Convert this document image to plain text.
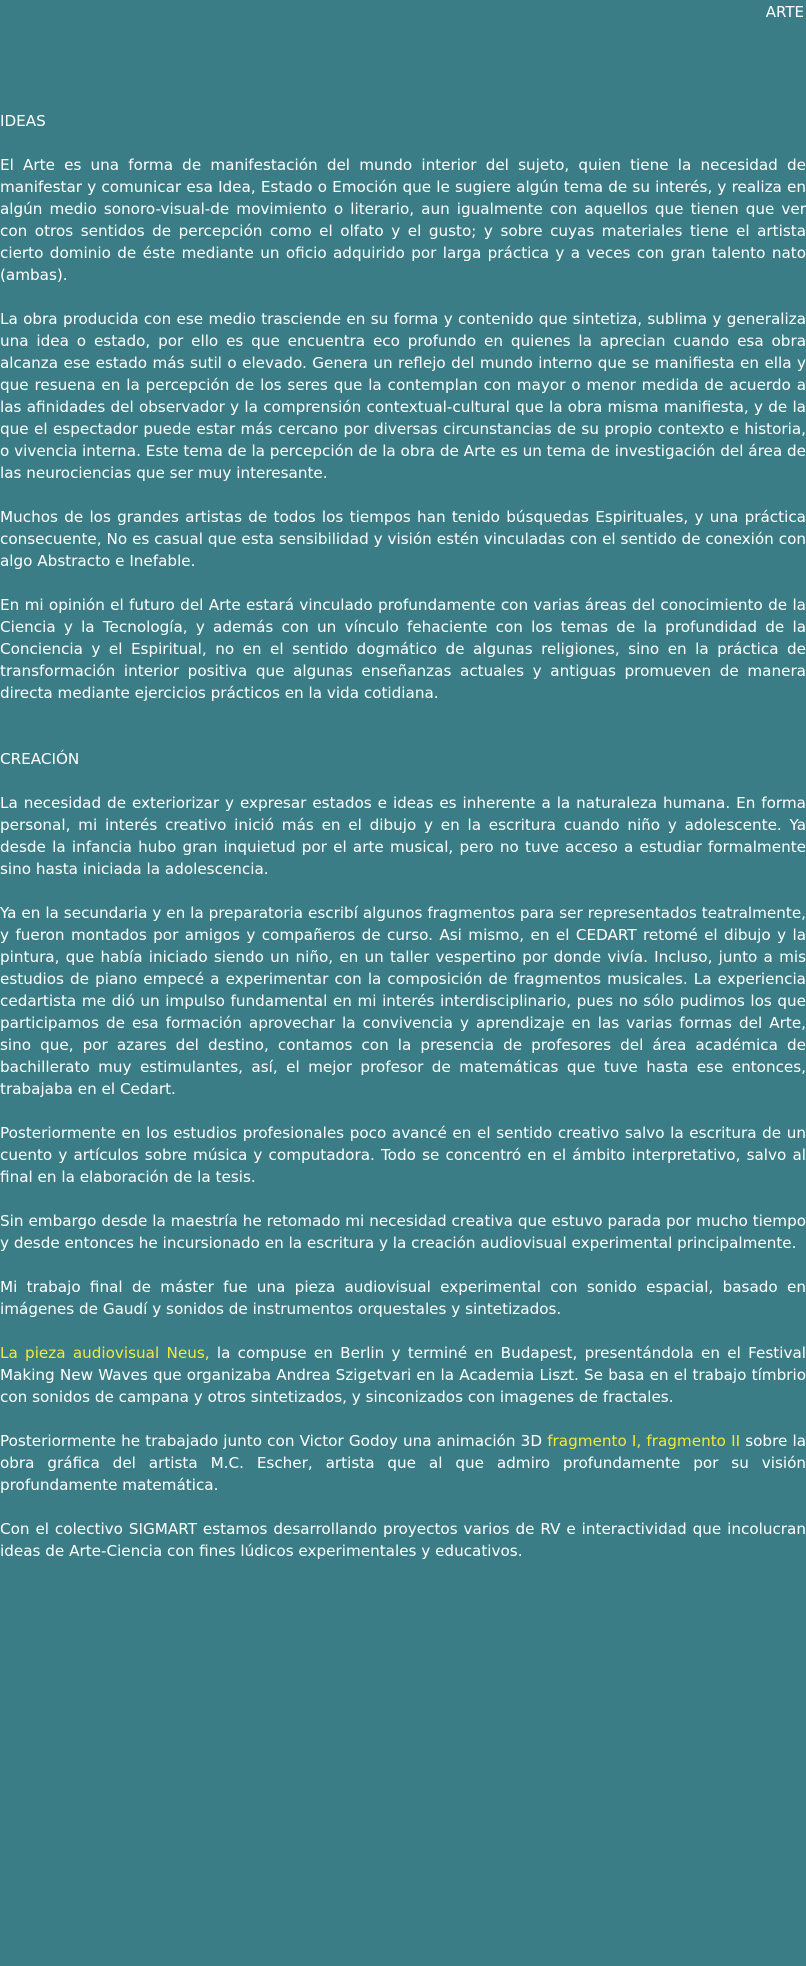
ARTE
IDEAS

El Arte es una forma de manifestación del mundo interior del sujeto, quien tiene la necesidad de manifestar y comunicar esa Idea, Estado o Emoción que le sugiere algún tema de su interés, y realiza en algún medio sonoro-visual-de movimiento o literario, aun igualmente con aquellos que tienen que ver con otros sentidos de percepción como el olfato y el gusto; y sobre cuyas materiales tiene el artista cierto dominio de éste mediante un oficio adquirido por larga práctica y a veces con gran talento nato (ambas).

La obra producida con ese medio trasciende en su forma y contenido que sintetiza, sublima y generaliza una idea o estado, por ello es que encuentra eco profundo en quienes la aprecian cuando esa obra alcanza ese estado más sutil o elevado. Genera un reflejo del mundo interno que se manifiesta en ella y que resuena en la percepción de los seres que la contemplan con mayor o menor medida de acuerdo a las afinidades del observador y la comprensión contextual-cultural que la obra misma manifiesta, y de la que el espectador puede estar más cercano por diversas circunstancias de su propio contexto e historia, o vivencia interna. Este tema de la percepción de la obra de Arte es un tema de investigación del área de las neurociencias que ser muy interesante.

Muchos de los grandes artistas de todos los tiempos han tenido búsquedas Espirituales, y una práctica consecuente, No es casual que esta sensibilidad y visión estén vinculadas con el sentido de conexión con algo Abstracto e Inefable.

En mi opinión el futuro del Arte estará vinculado profundamente con varias áreas del conocimiento de la Ciencia y la Tecnología, y además con un vínculo fehaciente con los temas de la profundidad de la Conciencia y el Espiritual, no en el sentido dogmático de algunas religiones, sino en la práctica de transformación interior positiva que algunas enseñanzas actuales y antiguas promueven de manera directa mediante ejercicios prácticos en la vida cotidiana.

CREACIÓN

La necesidad de exteriorizar y expresar estados e ideas es inherente a la naturaleza humana. En forma personal, mi interés creativo inició más en el dibujo y en la escritura cuando niño y adolescente. Ya desde la infancia hubo gran inquietud por el arte musical, pero no tuve acceso a estudiar formalmente sino hasta iniciada la adolescencia.

Ya en la secundaria y en la preparatoria escribí algunos fragmentos para ser representados teatralmente, y fueron montados por amigos y compañeros de curso. Asi mismo, en el CEDART retomé el dibujo y la pintura, que había iniciado siendo un niño, en un taller vespertino por donde vivía. Incluso, junto a mis estudios de piano empecé a experimentar con la composición de fragmentos musicales. La experiencia cedartista me dió un impulso fundamental en mi interés interdisciplinario, pues no sólo pudimos los que participamos de esa formación aprovechar la convivencia y aprendizaje en las varias formas del Arte, sino que, por azares del destino, contamos con la presencia de profesores del área académica de bachillerato muy estimulantes, así, el mejor profesor de matemáticas que tuve hasta ese entonces, trabajaba en el Cedart.

Posteriormente en los estudios profesionales poco avancé en el sentido creativo salvo la escritura de un cuento y artículos sobre música y computadora. Todo se concentró en el ámbito interpretativo, salvo al final en la elaboración de la tesis.

Sin embargo desde la maestría he retomado mi necesidad creativa que estuvo parada por mucho tiempo y desde entonces he incursionado en la escritura y la creación audiovisual experimental principalmente.

Mi trabajo final de máster fue una pieza audiovisual experimental con sonido espacial, basado en imágenes de Gaudí y sonidos de instrumentos orquestales y sintetizados.

La pieza audiovisual Neus, la compuse en Berlin y terminé en Budapest, presentándola en el Festival Making New Waves que organizaba Andrea Szigetvari en la Academia Liszt. Se basa en el trabajo tímbrio con sonidos de campana y otros sintetizados, y sinconizados con imagenes de fractales.

Posteriormente he trabajado junto con Victor Godoy una animación 3D fragmento I, fragmento II sobre la obra gráfica del artista M.C. Escher, artista que al que admiro profundamente por su visión profundamente matemática.

Con el colectivo SIGMART estamos desarrollando proyectos varios de RV e interactividad que incolucran ideas de Arte-Ciencia con fines lúdicos experimentales y educativos.
